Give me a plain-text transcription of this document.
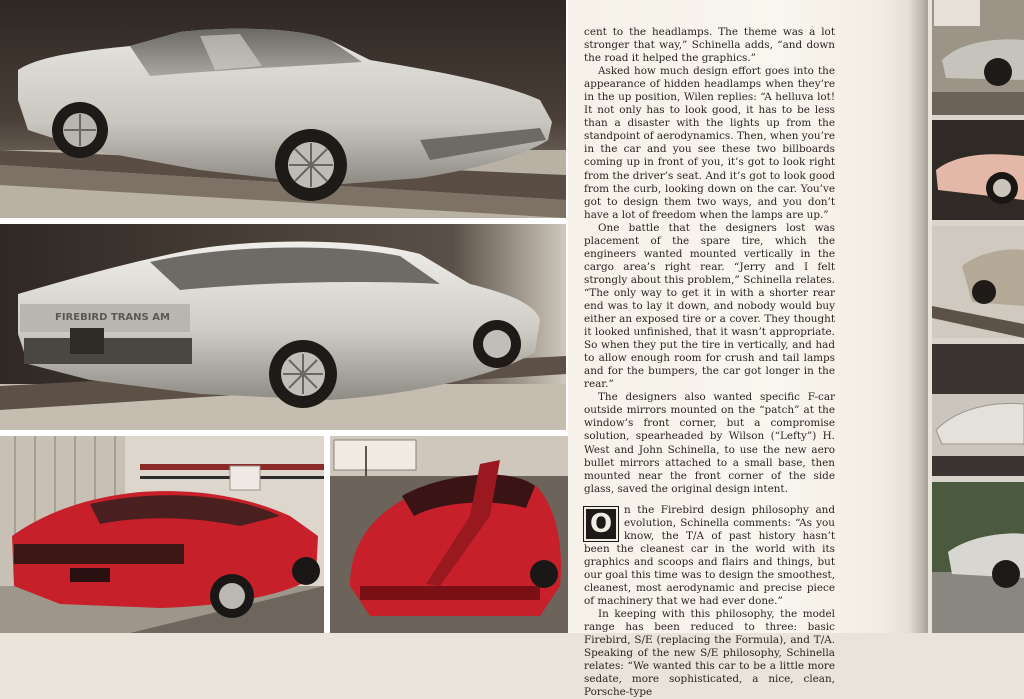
FIREBIRD TRANS AM

cent to the headlamps. The theme was a lot stronger that way,” Schinella adds, “and down the road it helped the graphics.”

Asked how much design effort goes into the appearance of hidden headlamps when they’re in the up position, Wilen replies: “A helluva lot! It not only has to look good, it has to be less than a disaster with the lights up from the standpoint of aerodynamics. Then, when you’re in the car and you see these two billboards coming up in front of you, it’s got to look right from the driver’s seat. And it’s got to look good from the curb, looking down on the car. You’ve got to design them two ways, and you don’t have a lot of freedom when the lamps are up.”

One battle that the designers lost was placement of the spare tire, which the engineers wanted mounted vertically in the cargo area’s right rear. “Jerry and I felt strongly about this problem,” Schinella relates. “The only way to get it in with a shorter rear end was to lay it down, and nobody would buy either an exposed tire or a cover. They thought it looked unfinished, that it wasn’t appropriate. So when they put the tire in vertically, and had to allow enough room for crush and tail lamps and for the bumpers, the car got longer in the rear.”

The designers also wanted specific F-car outside mirrors mounted on the “patch” at the window’s front corner, but a compromise solution, spearheaded by Wilson (“Lefty”) H. West and John Schinella, to use the new aero bullet mirrors attached to a small base, then mounted near the front corner of the side glass, saved the original design intent.

O	n the Firebird design philosophy and evolution, Schinella comments: “As you know, the T/A of past history hasn’t been the cleanest car in the world with its graphics and scoops and flairs and things, but our goal this time was to design the smoothest, cleanest, most aerodynamic and precise piece of machinery that we had ever done.”

In keeping with this philosophy, the model range has been reduced to three: basic Firebird, S/E (replacing the Formula), and T/A. Speaking of the new S/E philosophy, Schinella relates: “We wanted this car to be a little more sedate, more sophisticated, a nice, clean, Porsche-type
